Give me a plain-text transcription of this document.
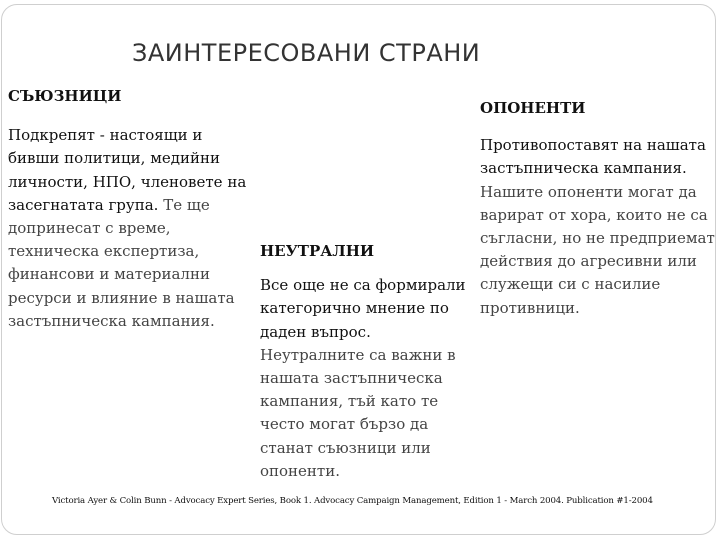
ЗАИНТЕРЕСОВАНИ СТРАНИ

СЪЮЗНИЦИ

Подкрепят - настоящи и бивши политици, медийни личности, НПО, членовете на засегнатата група. Те ще допринесат с време, техническа експертиза, финансови и материални ресурси и влияние в нашата застъпническа кампания.

НЕУТРАЛНИ

Все още не са формирали категорично мнение по даден въпрос. Неутралните са важни в нашата застъпническа кампания, тъй като те често могат бързо да станат съюзници или опоненти.

ОПОНЕНТИ

Противопоставят на нашата застъпническа кампания. Нашите опоненти могат да варират от хора, които не са съгласни, но не предприемат действия до агресивни или служещи си с насилие противници.

Victoria Ayer & Colin Bunn - Advocacy Expert Series, Book 1. Advocacy Campaign Management, Edition 1 - March 2004. Publication #1-2004
